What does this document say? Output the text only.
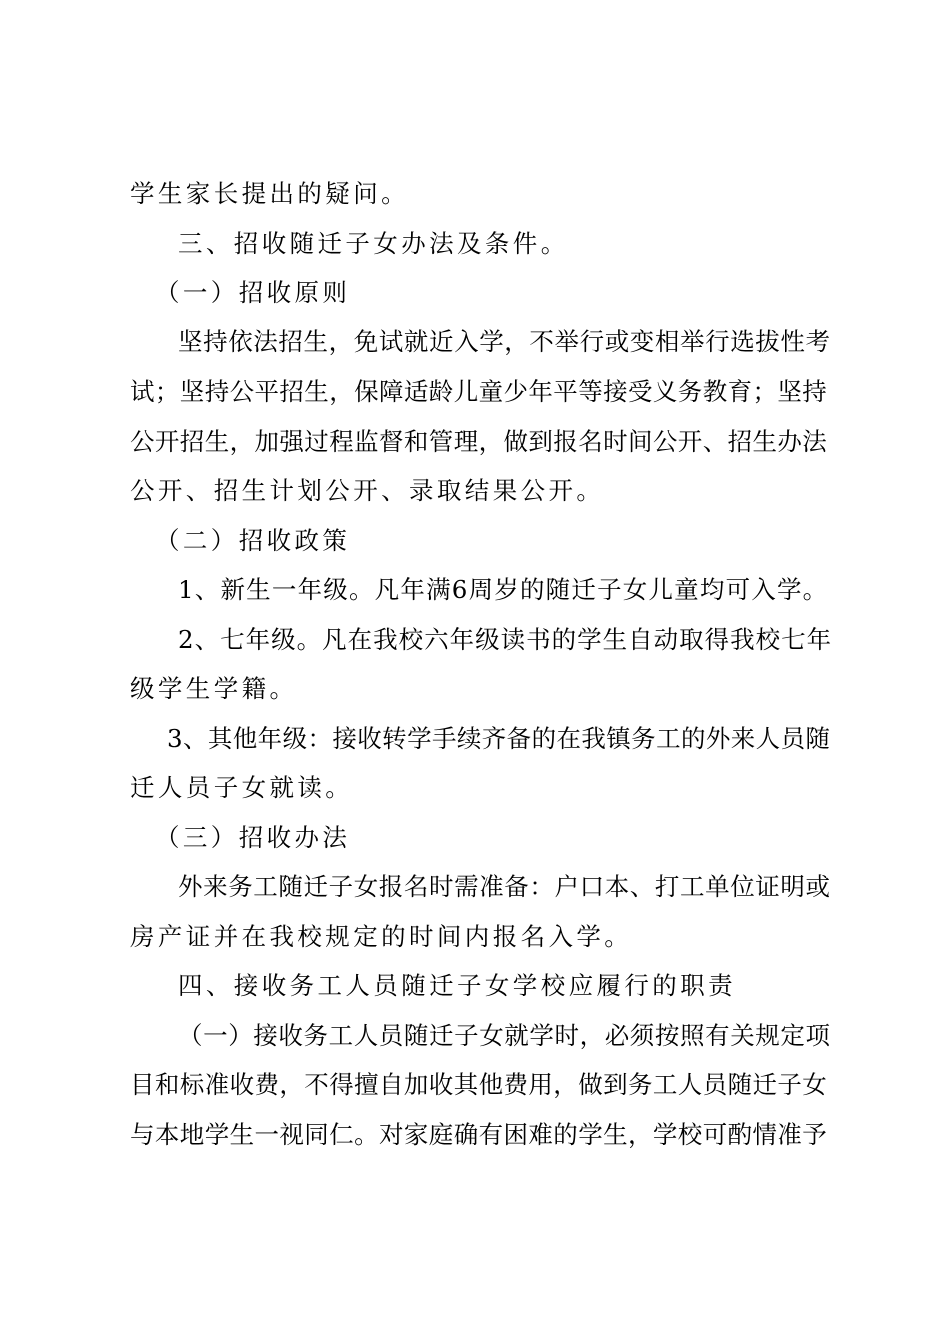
学生家长提出的疑问。
三、招收随迁子女办法及条件。
（一）招收原则
坚持依法招生，免试就近入学，不举行或变相举行选拔性考
试；坚持公平招生，保障适龄儿童少年平等接受义务教育；坚持
公开招生，加强过程监督和管理，做到报名时间公开、招生办法
公开、招生计划公开、录取结果公开。
（二）招收政策
1、新生一年级。凡年满6周岁的随迁子女儿童均可入学。
2、七年级。凡在我校六年级读书的学生自动取得我校七年
级学生学籍。
3、其他年级：接收转学手续齐备的在我镇务工的外来人员随
迁人员子女就读。
（三）招收办法
外来务工随迁子女报名时需准备：户口本、打工单位证明或
房产证并在我校规定的时间内报名入学。
四、接收务工人员随迁子女学校应履行的职责
（一）接收务工人员随迁子女就学时，必须按照有关规定项
目和标准收费，不得擅自加收其他费用，做到务工人员随迁子女
与本地学生一视同仁。对家庭确有困难的学生，学校可酌情准予
